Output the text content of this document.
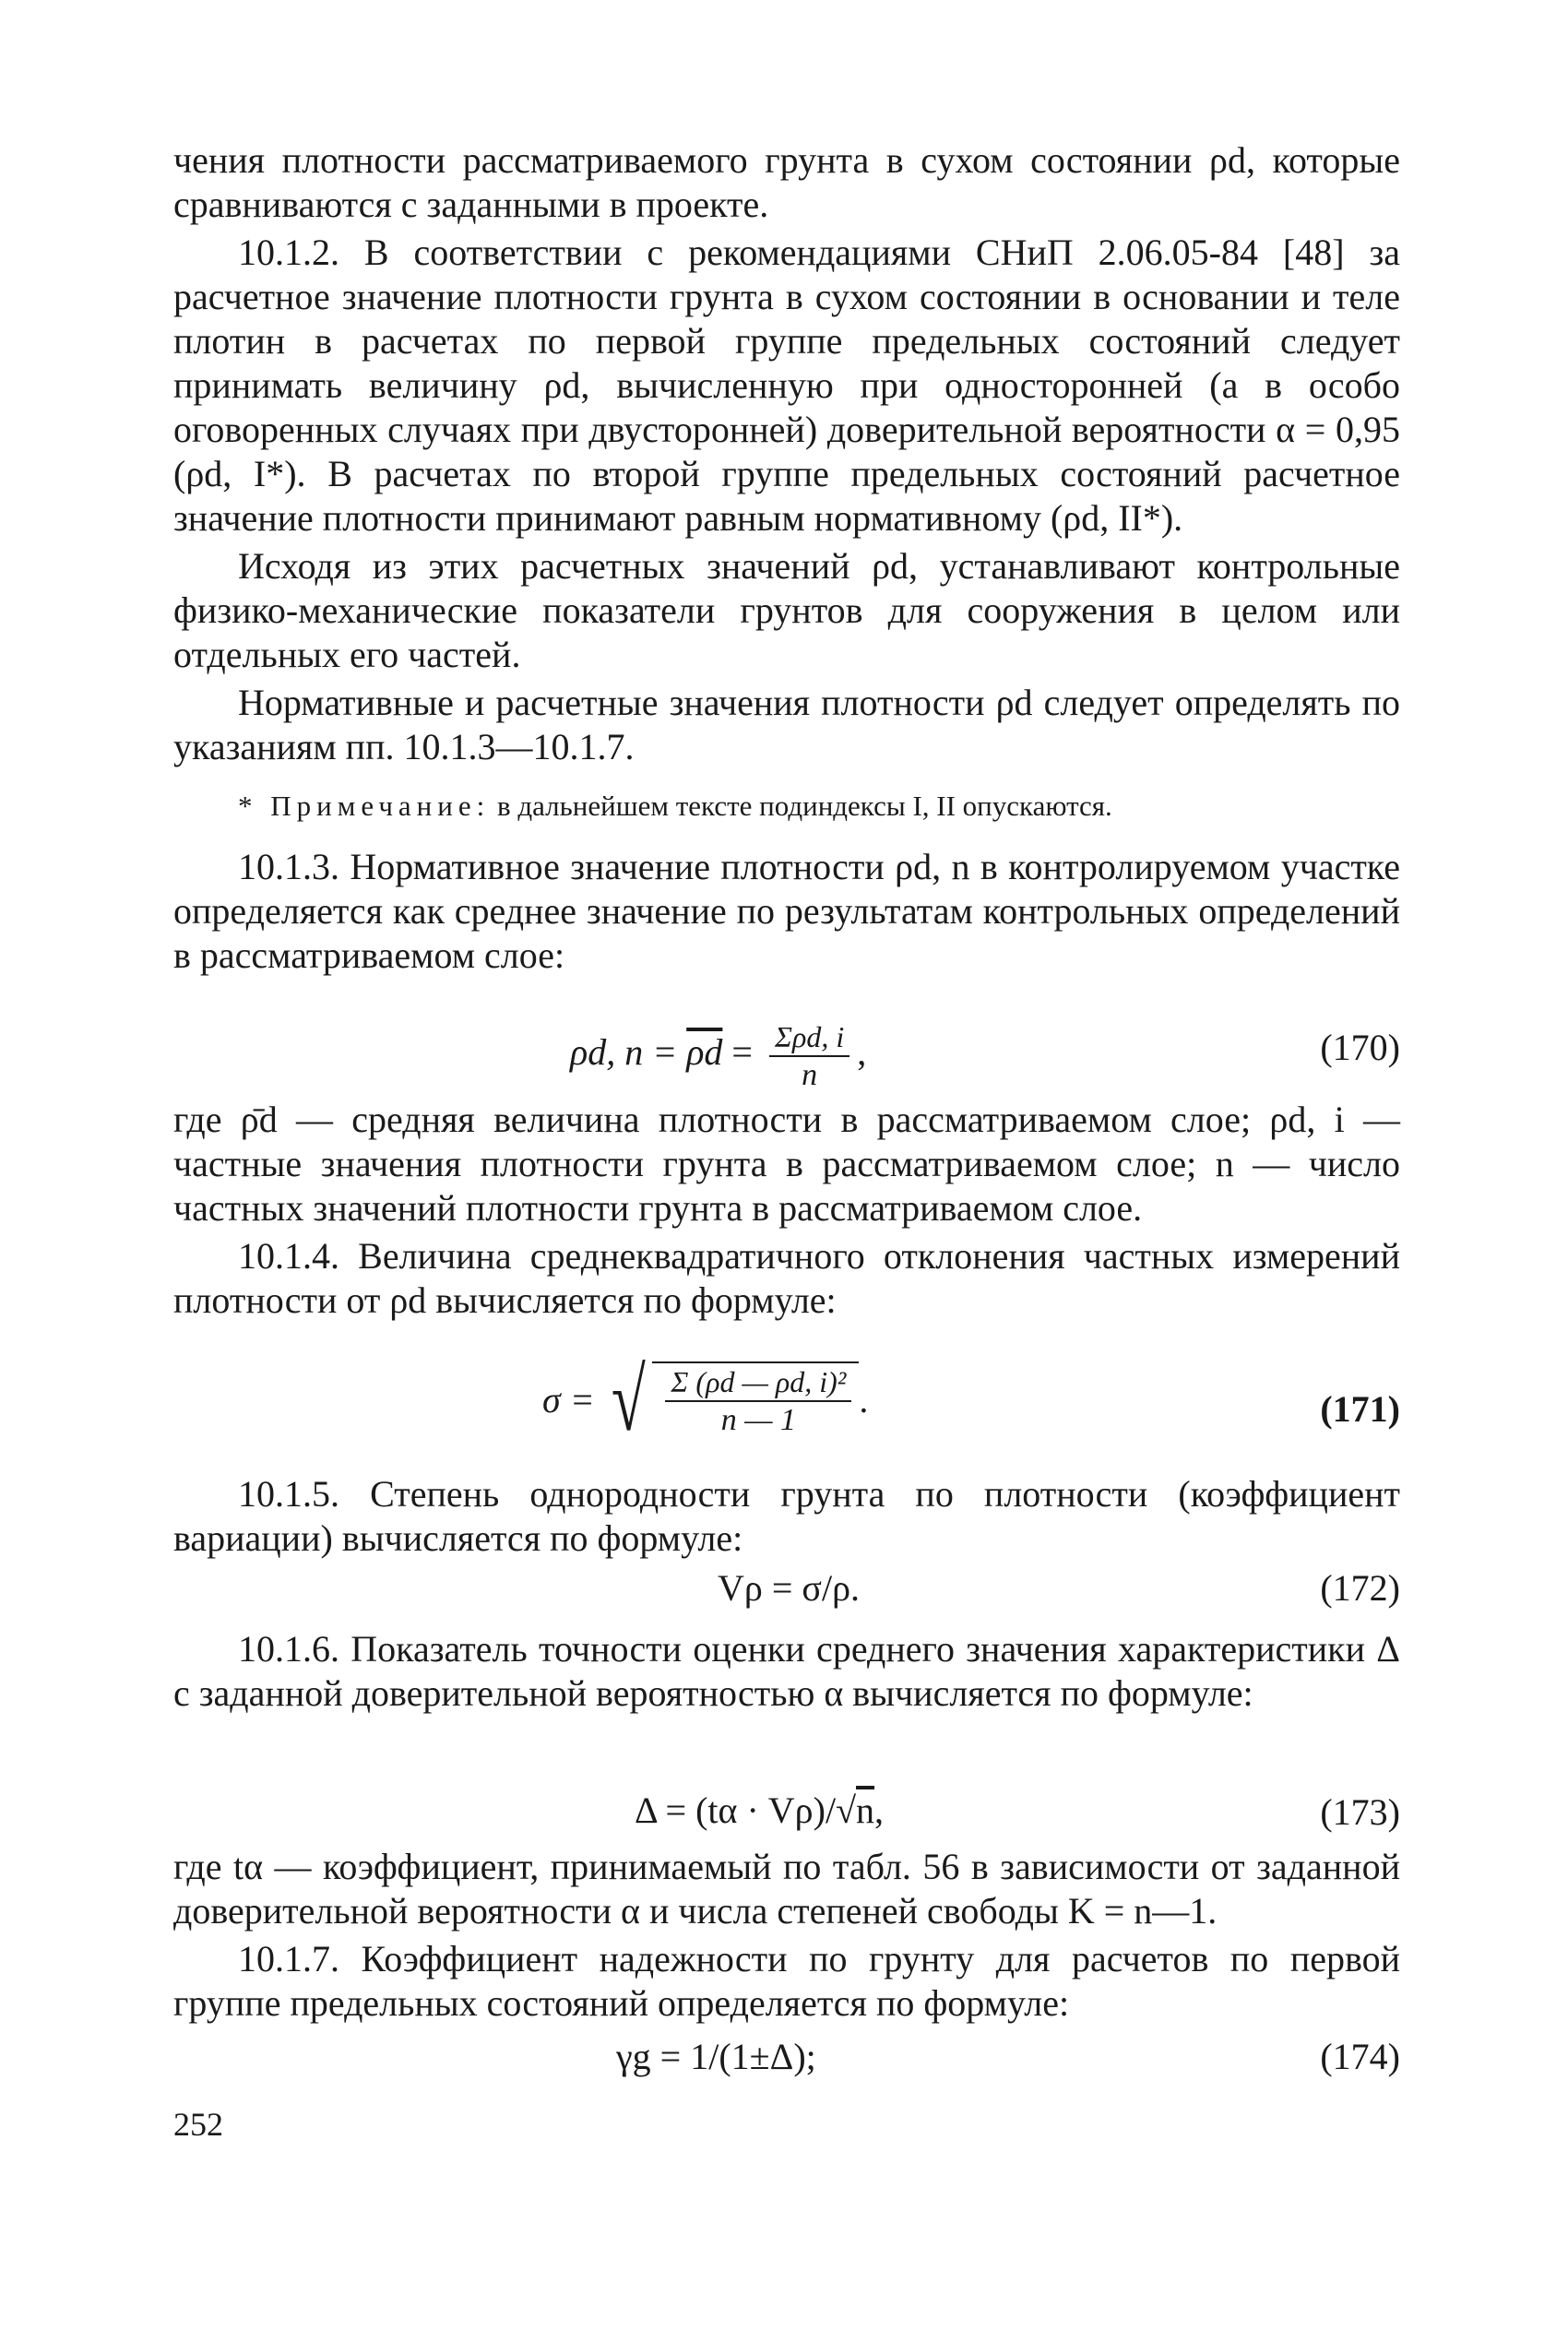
чения плотности рассматриваемого грунта в сухом состоянии ρd, которые сравниваются с заданными в проекте.

10.1.2. В соответствии с рекомендациями СНиП 2.06.05-84 [48] за расчетное значение плотности грунта в сухом состоянии в основании и теле плотин в расчетах по первой группе предельных состояний следует принимать величину ρd, вычисленную при односторонней (а в особо оговоренных случаях при двусторонней) доверительной вероятности α = 0,95 (ρd, I*). В расчетах по второй группе предельных состояний расчетное значение плотности принимают равным нормативному (ρd, II*).

Исходя из этих расчетных значений ρd, устанавливают контрольные физико-механические показатели грунтов для сооружения в целом или отдельных его частей.

Нормативные и расчетные значения плотности ρd следует определять по указаниям пп. 10.1.3—10.1.7.

* Примечание: в дальнейшем тексте подиндексы I, II опускаются.

10.1.3. Нормативное значение плотности ρd, n в контролируемом участке определяется как среднее значение по результатам контрольных определений в рассматриваемом слое:

ρd, $n = \overline{\rho d} = \frac{\text{Σρd, i}}{n}$ ,	(170)

где ρ̄d — средняя величина плотности в рассматриваемом слое; ρd, i — частные значения плотности грунта в рассматриваемом слое; n — число частных значений плотности грунта в рассматриваемом слое.

10.1.4. Величина среднеквадратичного отклонения частных измерений плотности от ρd вычисляется по формуле:

σ = √ $\frac{\text{Σ (ρd — ρd, i)²}}{n — 1}$ .	(171)

10.1.5. Степень однородности грунта по плотности (коэффициент вариации) вычисляется по формуле:

Vρ = σ/ρ.	(172)

10.1.6. Показатель точности оценки среднего значения характеристики Δ с заданной доверительной вероятностью α вычисляется по формуле:

Δ = (tα · Vρ)/√n,	(173)

где tα — коэффициент, принимаемый по табл. 56 в зависимости от заданной доверительной вероятности α и числа степеней свободы K = n—1.

10.1.7. Коэффициент надежности по грунту для расчетов по первой группе предельных состояний определяется по формуле:

γg = 1/(1±Δ);	(174)
252
